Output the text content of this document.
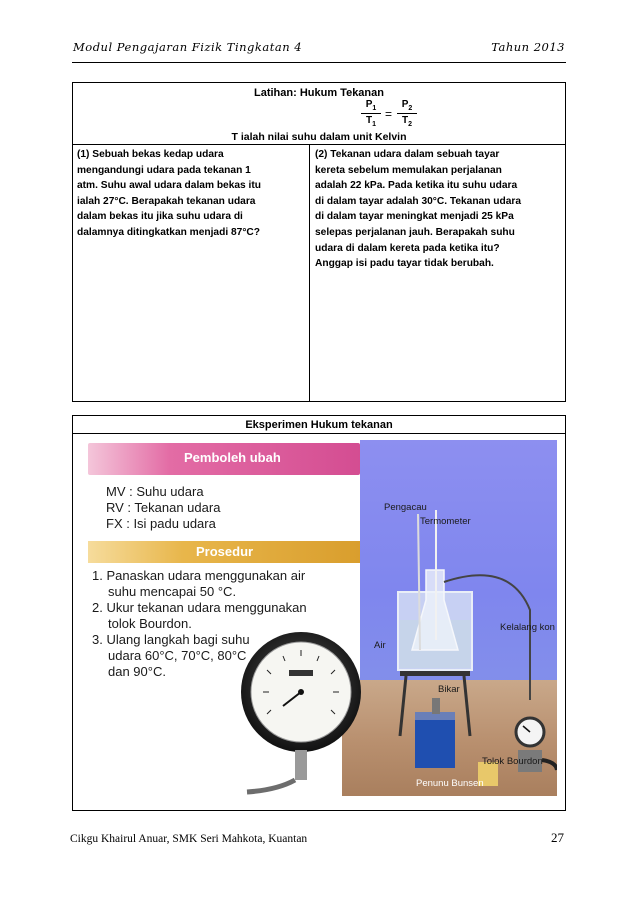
Modul Pengajaran Fizik Tingkatan 4	Tahun 2013
Latihan: Hukum Tekanan
$\frac{P_1}{T_1} = \frac{P_2}{T_2}$
T ialah nilai suhu dalam unit Kelvin
(1) Sebuah bekas kedap udara
mengandungi udara pada tekanan 1
atm. Suhu awal udara dalam bekas itu
ialah 27°C. Berapakah tekanan udara
dalam bekas itu jika suhu udara di
dalamnya ditingkatkan menjadi 87°C?
(2) Tekanan udara dalam sebuah tayar
kereta sebelum memulakan perjalanan
adalah 22 kPa. Pada ketika itu suhu udara
di dalam tayar adalah 30°C. Tekanan udara
di dalam tayar meningkat menjadi 25 kPa
selepas perjalanan jauh. Berapakah suhu
udara di dalam kereta pada ketika itu?
Anggap isi padu tayar tidak berubah.
Eksperimen Hukum tekanan
Pemboleh ubah
MV : Suhu udara
RV : Tekanan udara
FX : Isi padu udara
Prosedur
1. Panaskan udara menggunakan air
suhu mencapai 50 °C.
2. Ukur tekanan udara menggunakan
tolok Bourdon.
3. Ulang langkah bagi suhu
udara 60°C, 70°C, 80°C
dan 90°C.
Pengacau
Termometer
Kelalang kon
Air
Bikar
Tolok Bourdon
Penunu Bunsen
Cikgu Khairul Anuar, SMK Seri Mahkota, Kuantan	27
